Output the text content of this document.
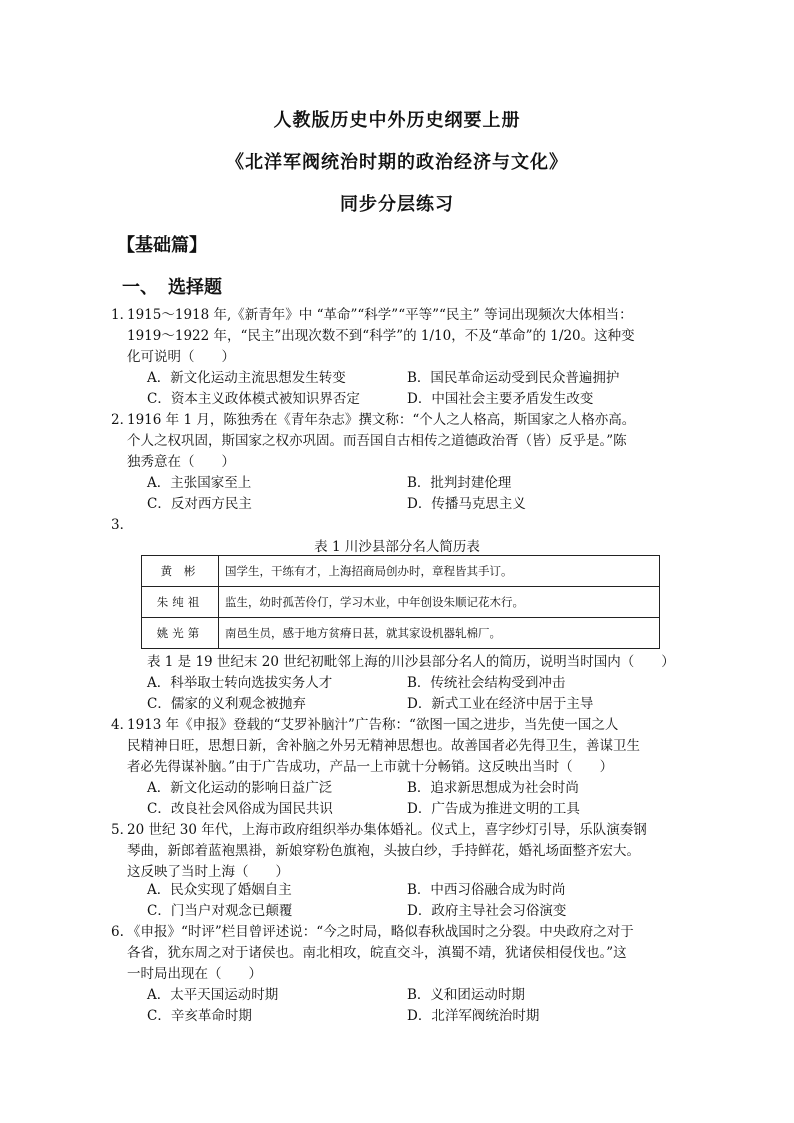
人教版历史中外历史纲要上册
《北洋军阀统治时期的政治经济与文化》
同步分层练习
【基础篇】
一、 选择题
1．
1915～1918 年,《新青年》中 “革命”“科学”“平等”“民主” 等词出现频次大体相当：
1919～1922 年，“民主”出现次数不到“科学”的 1/10，不及“革命”的 1/20。这种变
化可说明（　　）
A．新文化运动主流思想发生转变	B．国民革命运动受到民众普遍拥护
C．资本主义政体模式被知识界否定	D．中国社会主要矛盾发生改变
2．
1916 年 1 月，陈独秀在《青年杂志》撰文称：“个人之人格高，斯国家之人格亦高。
个人之权巩固，斯国家之权亦巩固。而吾国自古相传之道德政治胥（皆）反乎是。”陈
独秀意在（　　）
A．主张国家至上	B．批判封建伦理
C．反对西方民主	D．传播马克思主义
3．
表 1 川沙县部分名人简历表
黄 彬	国学生，干练有才，上海招商局创办时，章程皆其手订。
朱纯祖	监生，幼时孤苦伶仃，学习木业，中年创设朱顺记花木行。
姚光第	南邑生员，感于地方贫瘠日甚，就其家设机器轧棉厂。
表 1 是 19 世纪末 20 世纪初毗邻上海的川沙县部分名人的简历，说明当时国内（　　）
A．科举取士转向选拔实务人才	B．传统社会结构受到冲击
C．儒家的义利观念被抛弃	D．新式工业在经济中居于主导
4．
1913 年《申报》登载的“艾罗补脑汁”广告称：“欲图一国之进步，当先使一国之人
民精神日旺，思想日新，舍补脑之外另无精神思想也。故善国者必先得卫生，善谋卫生
者必先得谋补脑。”由于广告成功，产品一上市就十分畅销。这反映出当时（　　）
A．新文化运动的影响日益广泛	B．追求新思想成为社会时尚
C．改良社会风俗成为国民共识	D．广告成为推进文明的工具
5．
20 世纪 30 年代，上海市政府组织举办集体婚礼。仪式上，喜字纱灯引导，乐队演奏钢
琴曲，新郎着蓝袍黑褂，新娘穿粉色旗袍，头披白纱，手持鲜花，婚礼场面整齐宏大。
这反映了当时上海（　　）
A．民众实现了婚姻自主	B．中西习俗融合成为时尚
C．门当户对观念已颠覆	D．政府主导社会习俗演变
6. 《申报》“时评”栏目曾评述说：“今之时局，略似春秋战国时之分裂。中央政府之对于
各省，犹东周之对于诸侯也。南北相攻，皖直交斗，滇蜀不靖，犹诸侯相侵伐也。”这
一时局出现在（　　）
A．太平天国运动时期	B．义和团运动时期
C．辛亥革命时期	D．北洋军阀统治时期
